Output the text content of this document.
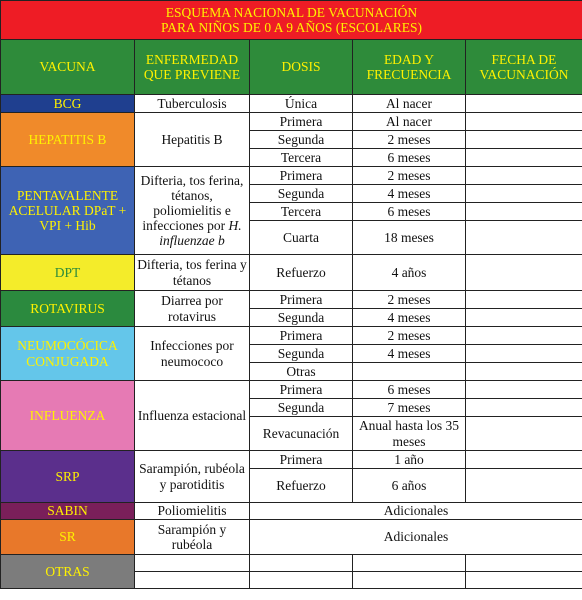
ESQUEMA NACIONAL DE VACUNACIÓN
PARA NIÑOS DE 0 A 9 AÑOS (ESCOLARES)				
VACUNA	ENFERMEDAD QUE PREVIENE	DOSIS	EDAD Y FRECUENCIA	FECHA DE VACUNACIÓN
BCG	Tuberculosis	Única	Al nacer	
HEPATITIS B	Hepatitis B	Primera	Al nacer	
		Segunda	2 meses	
		Tercera	6 meses	
PENTAVALENTE ACELULAR DPaT + VPI + Hib	Difteria, tos ferina, tétanos, poliomielitis e infecciones por H. influenzae b	Primera	2 meses	
		Segunda	4 meses	
		Tercera	6 meses	
		Cuarta	18 meses	
DPT	Difteria, tos ferina y tétanos	Refuerzo	4 años	
ROTAVIRUS	Diarrea por rotavirus	Primera	2 meses	
		Segunda	4 meses	
NEUMOCÓCICA CONJUGADA	Infecciones por neumococo	Primera	2 meses	
		Segunda	4 meses	
		Otras		
INFLUENZA	Influenza estacional	Primera	6 meses	
		Segunda	7 meses	
		Revacunación	Anual hasta los 35 meses	
SRP	Sarampión, rubéola y parotiditis	Primera	1 año	
		Refuerzo	6 años	
SABIN	Poliomielitis	Adicionales		
SR	Sarampión y rubéola	Adicionales		
OTRAS				
